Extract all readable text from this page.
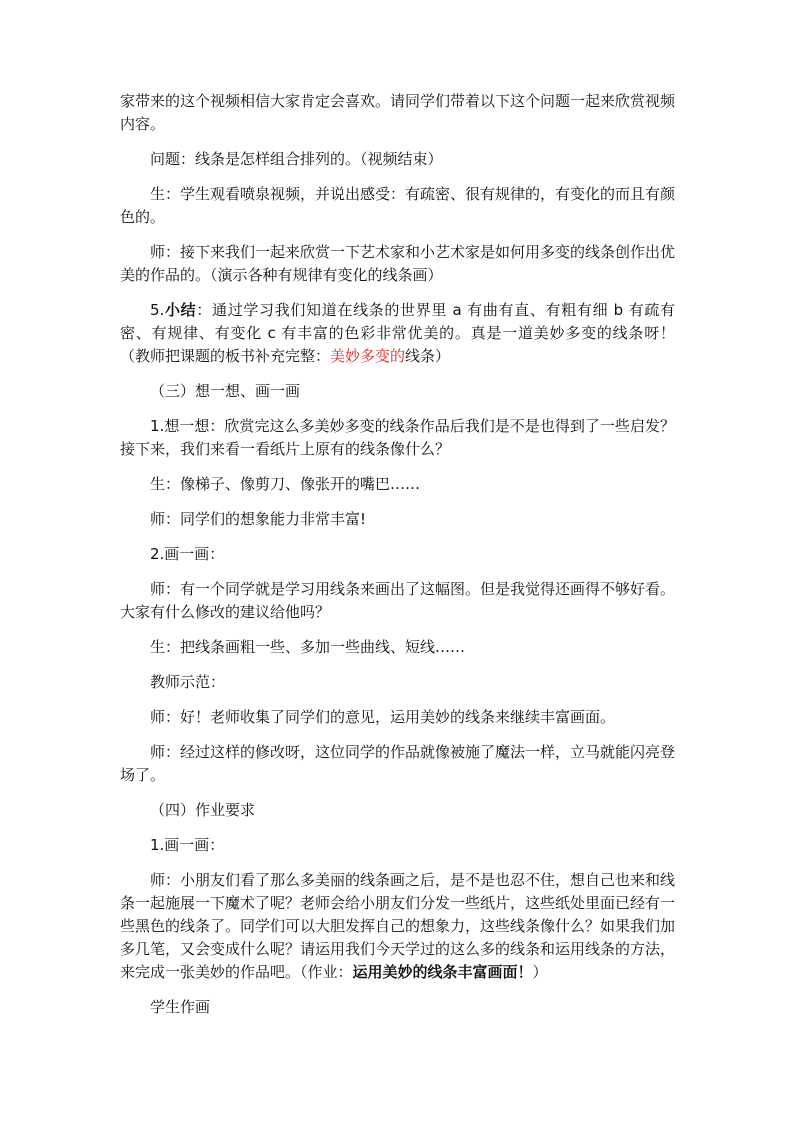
家带来的这个视频相信大家肯定会喜欢。请同学们带着以下这个问题一起来欣赏视频内容。

问题：线条是怎样组合排列的。（视频结束）

生：学生观看喷泉视频，并说出感受：有疏密、很有规律的，有变化的而且有颜色的。

师：接下来我们一起来欣赏一下艺术家和小艺术家是如何用多变的线条创作出优美的作品的。（演示各种有规律有变化的线条画）

5.小结：通过学习我们知道在线条的世界里 a 有曲有直、有粗有细 b 有疏有密、有规律、有变化 c 有丰富的色彩非常优美的。真是一道美妙多变的线条呀！（教师把课题的板书补充完整：美妙多变的线条）

（三）想一想、画一画

1.想一想：欣赏完这么多美妙多变的线条作品后我们是不是也得到了一些启发？接下来，我们来看一看纸片上原有的线条像什么？

生：像梯子、像剪刀、像张开的嘴巴……

师：同学们的想象能力非常丰富!

2.画一画：

师：有一个同学就是学习用线条来画出了这幅图。但是我觉得还画得不够好看。大家有什么修改的建议给他吗？

生：把线条画粗一些、多加一些曲线、短线……

教师示范：

师：好！老师收集了同学们的意见，运用美妙的线条来继续丰富画面。

师：经过这样的修改呀，这位同学的作品就像被施了魔法一样，立马就能闪亮登场了。

（四）作业要求

1.画一画：

师：小朋友们看了那么多美丽的线条画之后，是不是也忍不住，想自己也来和线条一起施展一下魔术了呢？老师会给小朋友们分发一些纸片，这些纸处里面已经有一些黑色的线条了。同学们可以大胆发挥自己的想象力，这些线条像什么？如果我们加多几笔，又会变成什么呢？请运用我们今天学过的这么多的线条和运用线条的方法，来完成一张美妙的作品吧。（作业：运用美妙的线条丰富画面！）

学生作画
